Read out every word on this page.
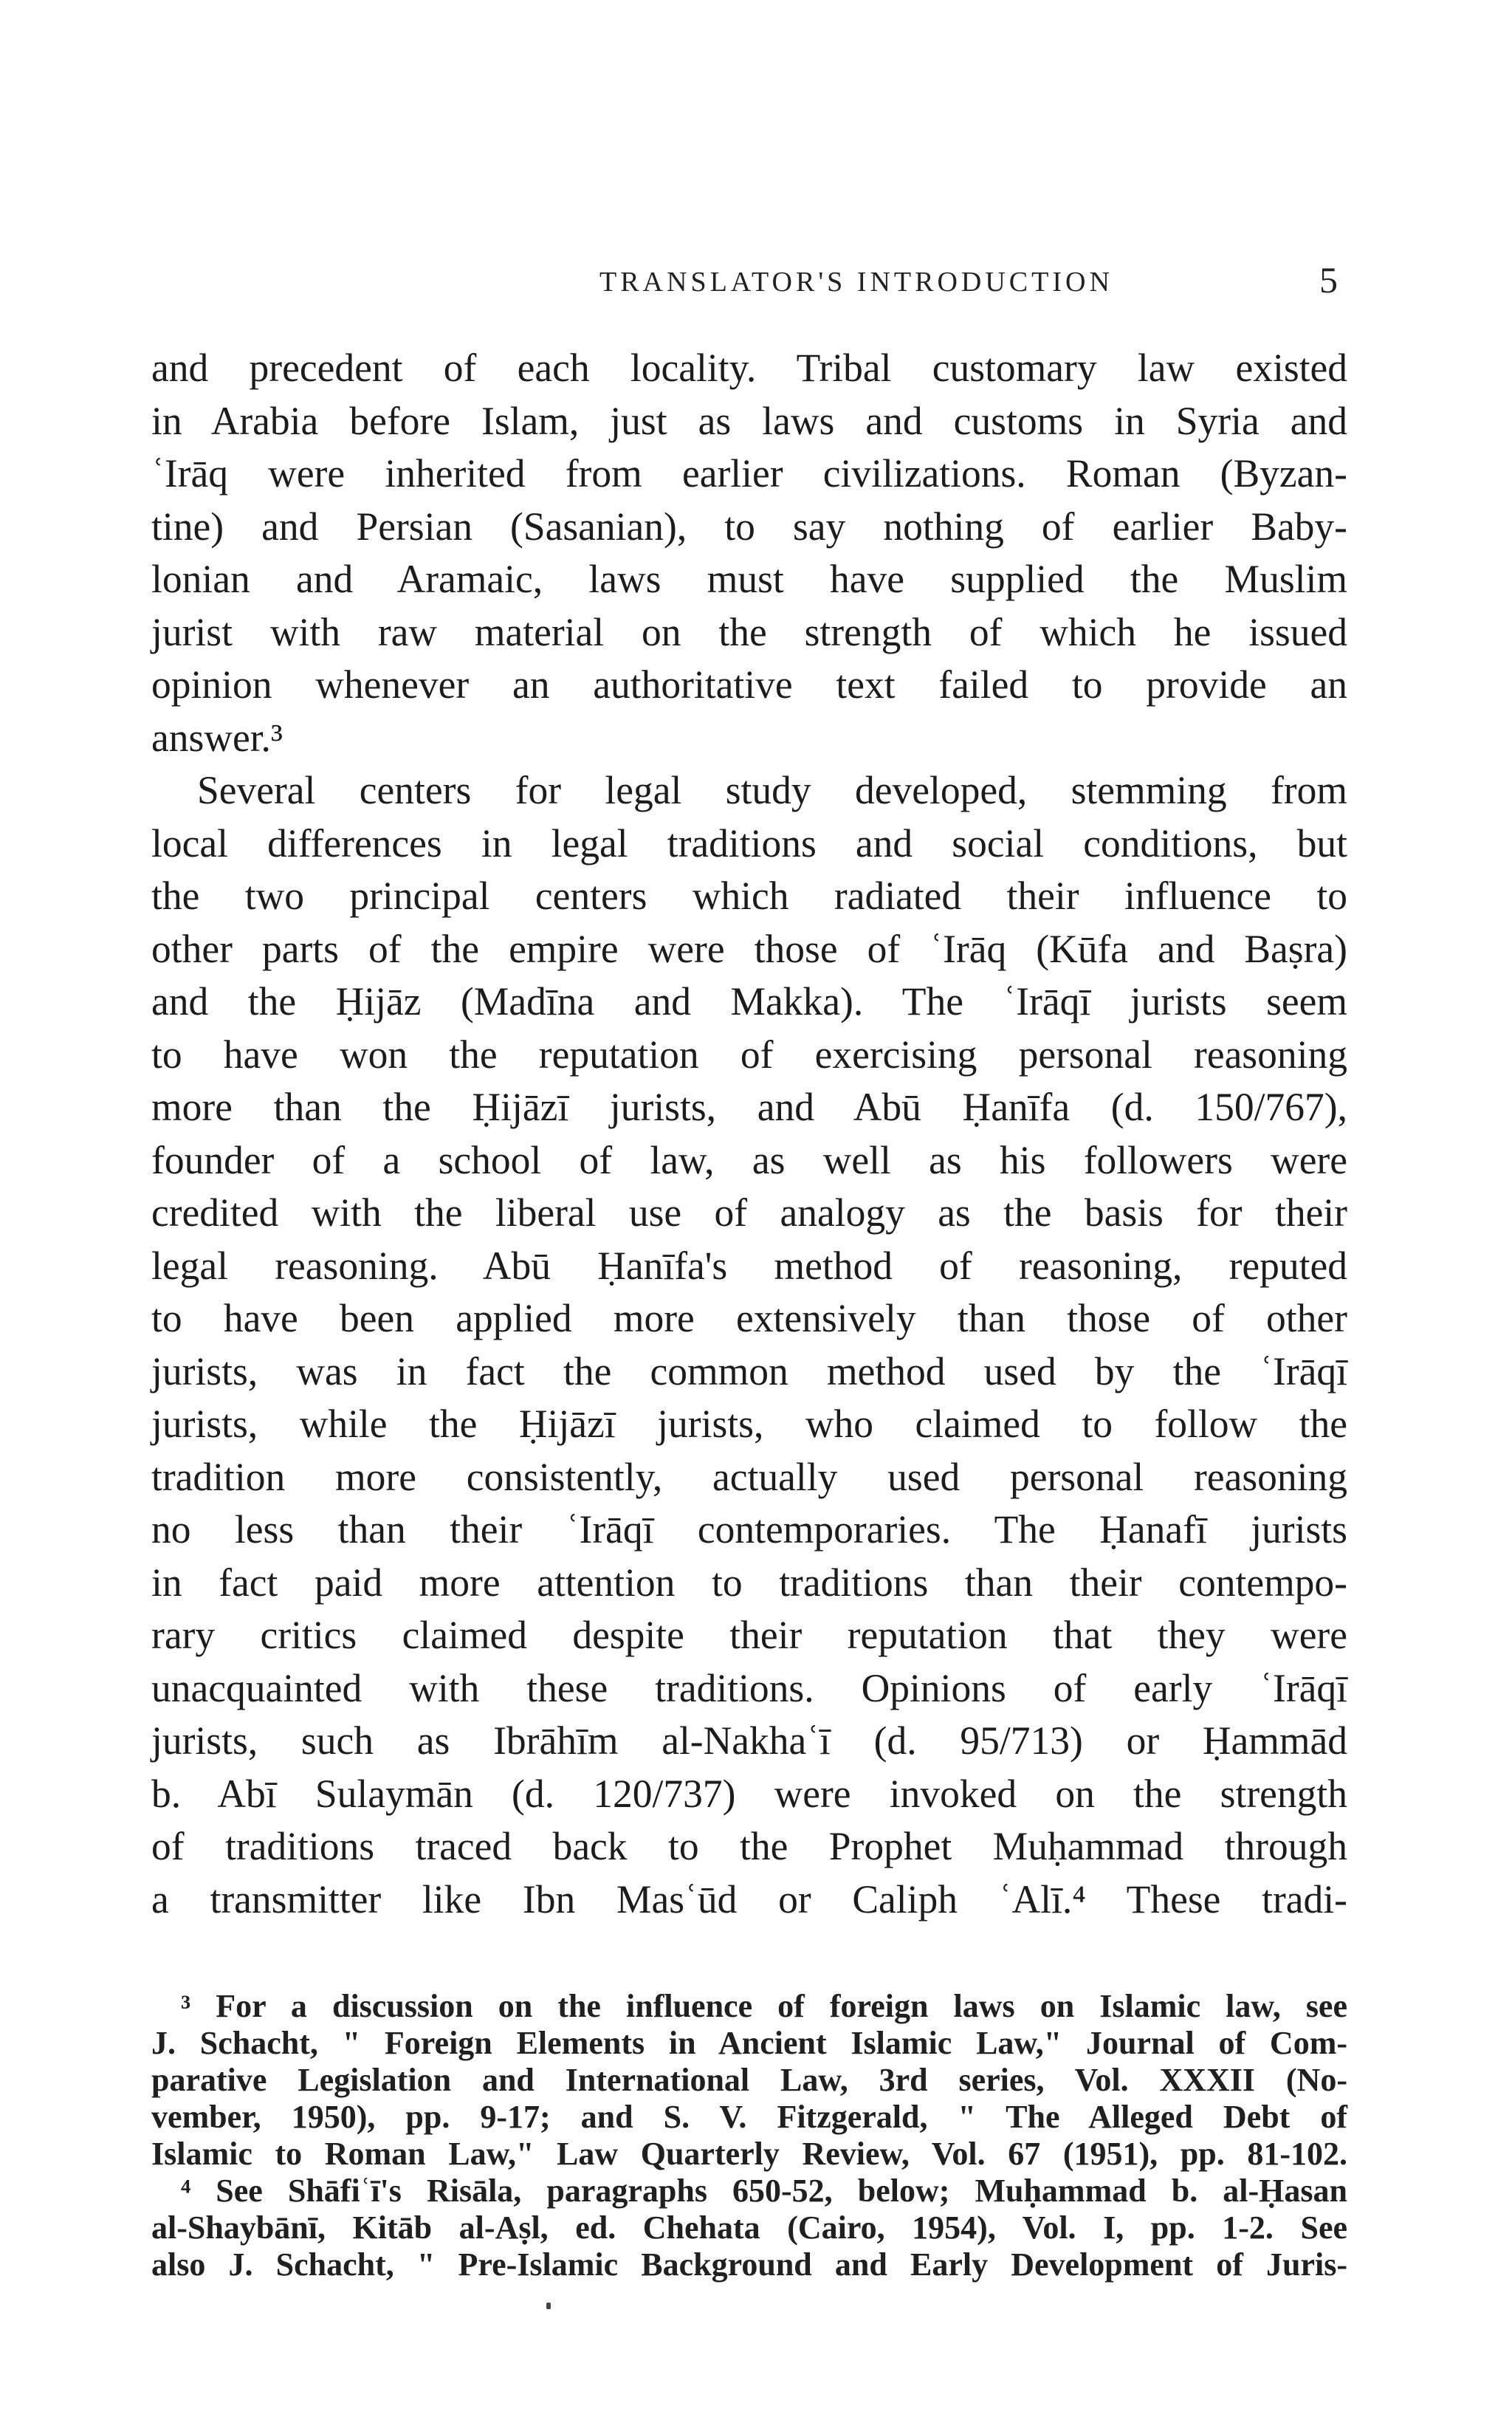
TRANSLATOR'S INTRODUCTION	5
and precedent of each locality. Tribal customary law existed
in Arabia before Islam, just as laws and customs in Syria and
ʿIrāq were inherited from earlier civilizations. Roman (Byzan-
tine) and Persian (Sasanian), to say nothing of earlier Baby-
lonian and Aramaic, laws must have supplied the Muslim
jurist with raw material on the strength of which he issued
opinion whenever an authoritative text failed to provide an
answer.³
Several centers for legal study developed, stemming from
local differences in legal traditions and social conditions, but
the two principal centers which radiated their influence to
other parts of the empire were those of ʿIrāq (Kūfa and Baṣra)
and the Ḥijāz (Madīna and Makka). The ʿIrāqī jurists seem
to have won the reputation of exercising personal reasoning
more than the Ḥijāzī jurists, and Abū Ḥanīfa (d. 150/767),
founder of a school of law, as well as his followers were
credited with the liberal use of analogy as the basis for their
legal reasoning. Abū Ḥanīfa's method of reasoning, reputed
to have been applied more extensively than those of other
jurists, was in fact the common method used by the ʿIrāqī
jurists, while the Ḥijāzī jurists, who claimed to follow the
tradition more consistently, actually used personal reasoning
no less than their ʿIrāqī contemporaries. The Ḥanafī jurists
in fact paid more attention to traditions than their contempo-
rary critics claimed despite their reputation that they were
unacquainted with these traditions. Opinions of early ʿIrāqī
jurists, such as Ibrāhīm al-Nakhaʿī (d. 95/713) or Ḥammād
b. Abī Sulaymān (d. 120/737) were invoked on the strength
of traditions traced back to the Prophet Muḥammad through
a transmitter like Ibn Masʿūd or Caliph ʿAlī.⁴ These tradi-
³ For a discussion on the influence of foreign laws on Islamic law, see
J. Schacht, " Foreign Elements in Ancient Islamic Law," Journal of Com-
parative Legislation and International Law, 3rd series, Vol. XXXII (No-
vember, 1950), pp. 9-17; and S. V. Fitzgerald, " The Alleged Debt of
Islamic to Roman Law," Law Quarterly Review, Vol. 67 (1951), pp. 81-102.
⁴ See Shāfiʿī's Risāla, paragraphs 650-52, below; Muḥammad b. al-Ḥasan
al-Shaybānī, Kitāb al-Aṣl, ed. Chehata (Cairo, 1954), Vol. I, pp. 1-2. See
also J. Schacht, " Pre-Islamic Background and Early Development of Juris-
